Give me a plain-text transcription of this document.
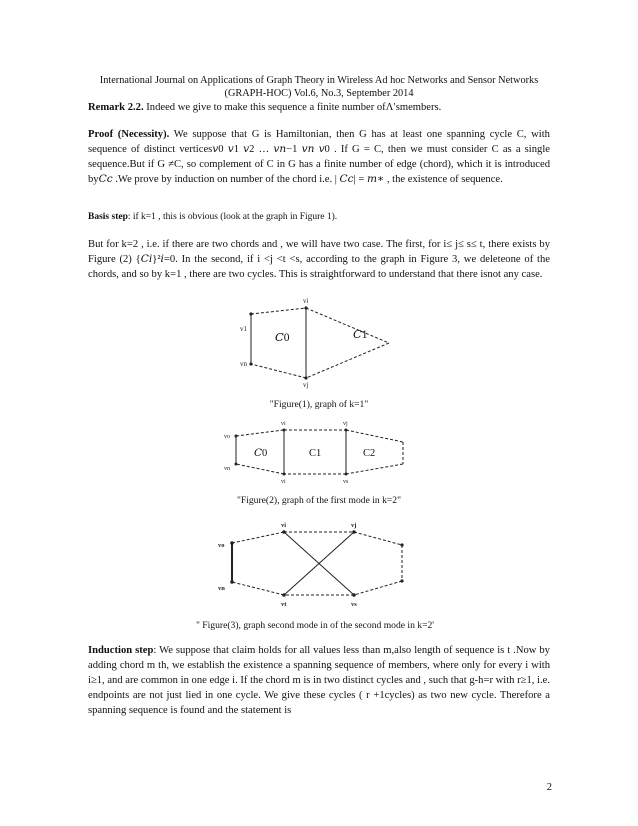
International Journal on Applications of Graph Theory in Wireless Ad hoc Networks and Sensor Networks
(GRAPH-HOC) Vol.6, No.3, September 2014
Remark 2.2. Indeed we give to make this sequence a finite number ofΛ′smembers.
Proof (Necessity). We suppose that G is Hamiltonian, then G has at least one spanning cycle C, with sequence of distinct vertices𝑣0 𝑣1 𝑣2 … 𝑣𝑛−1 𝑣𝑛 𝑣0 . If G = C, then we must consider C as a single sequence.But if G ≠C, so complement of C in G has a finite number of edge (chord), which it is introduced by𝐶𝑐 .We prove by induction on number of the chord i.e. | 𝐶𝑐| = 𝑚∗ , the existence of sequence.
Basis step: if k=1 , this is obvious (look at the graph in Figure 1).
But for k=2 , i.e. if there are two chords and , we will have two case. The first, for i≤ j≤ s≤ t, there exists by Figure (2) {𝐶𝑖}²𝑖=0. In the second, if i <j <t <s, according to the graph in Figure 3, we deleteone of the chords, and so by k=1 , there are two cycles. This is straightforward to understand that there isnot any case.
vi
v1
vn
vj
𝐶0	𝐶1
"Figure(1), graph of k=1"
vo
vn
vi	vj
vi	vs
𝐶0	C1	C2
"Figure(2), graph of the first mode in k=2"
vo
vn
vi	vj
vt	vs
" Figure(3), graph second mode in of the second mode in k=2'
Induction step: We suppose that claim holds for all values less than m,also length of sequence is t .Now by adding chord m th, we establish the existence a spanning sequence of members, where only for every i with i≥1, and are common in one edge i. If the chord m is in two distinct cycles and , such that g-h=r with r≥1, i.e. endpoints are not just lied in one cycle. We give these cycles ( r +1cycles) as two new cycle. Therefore a spanning sequence is found and the statement is
2
